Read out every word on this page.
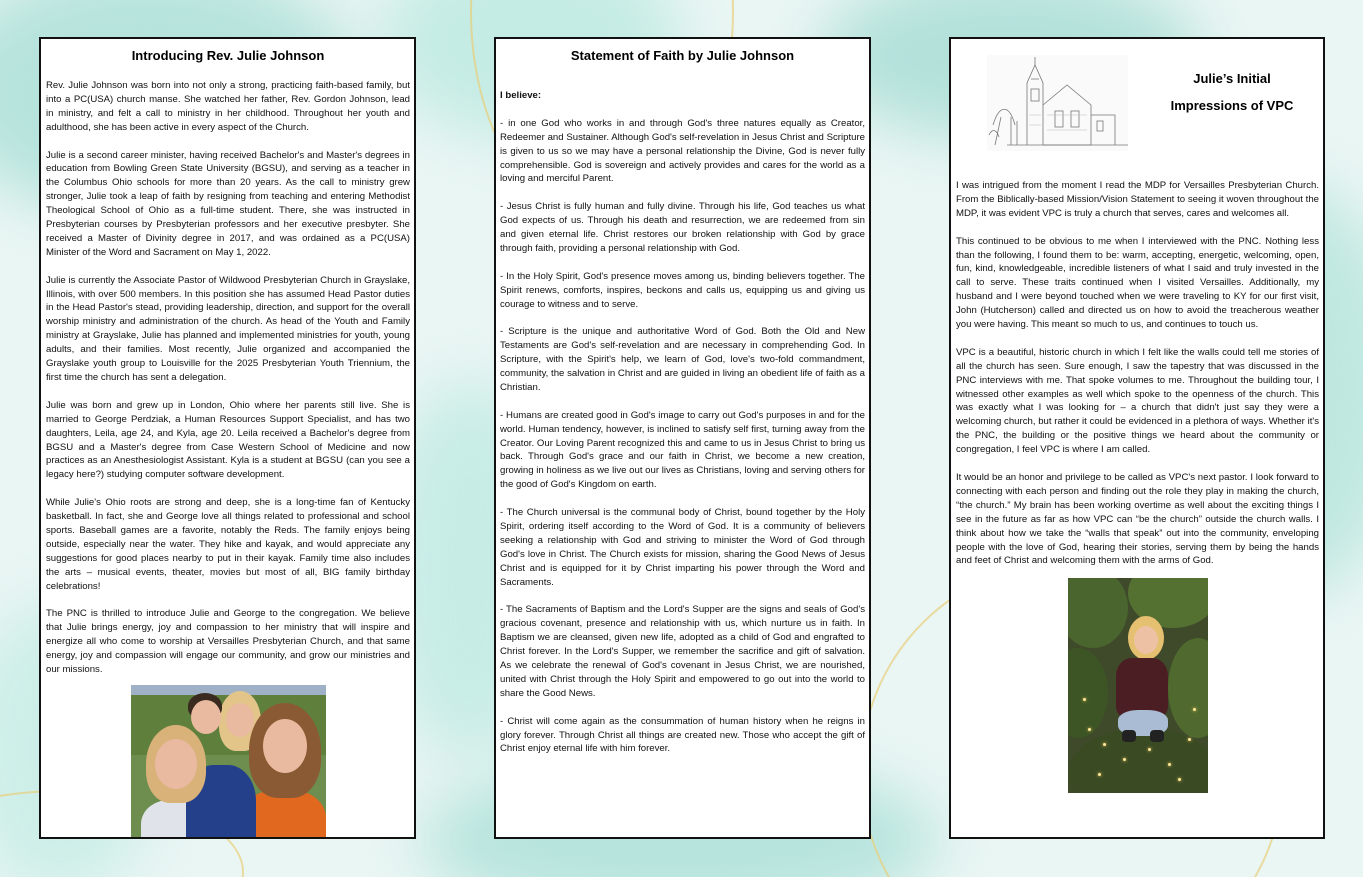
Introducing Rev. Julie Johnson

Rev. Julie Johnson was born into not only a strong, practicing faith-based family, but into a PC(USA) church manse. She watched her father, Rev. Gordon Johnson, lead in ministry, and felt a call to ministry in her childhood. Throughout her youth and adulthood, she has been active in every aspect of the Church.

Julie is a second career minister, having received Bachelor's and Master's degrees in education from Bowling Green State University (BGSU), and serving as a teacher in the Columbus Ohio schools for more than 20 years. As the call to ministry grew stronger, Julie took a leap of faith by resigning from teaching and entering Methodist Theological School of Ohio as a full-time student. There, she was instructed in Presbyterian courses by Presbyterian professors and her executive presbyter. She received a Master of Divinity degree in 2017, and was ordained as a PC(USA) Minister of the Word and Sacrament on May 1, 2022.

Julie is currently the Associate Pastor of Wildwood Presbyterian Church in Grayslake, Illinois, with over 500 members. In this position she has assumed Head Pastor duties in the Head Pastor's stead, providing leadership, direction, and support for the overall worship ministry and administration of the church. As head of the Youth and Family ministry at Grayslake, Julie has planned and implemented ministries for youth, young adults, and their families. Most recently, Julie organized and accompanied the Grayslake youth group to Louisville for the 2025 Presbyterian Youth Triennium, the first time the church has sent a delegation.

Julie was born and grew up in London, Ohio where her parents still live. She is married to George Perdziak, a Human Resources Support Specialist, and has two daughters, Leila, age 24, and Kyla, age 20. Leila received a Bachelor's degree from BGSU and a Master's degree from Case Western School of Medicine and now practices as an Anesthesiologist Assistant. Kyla is a student at BGSU (can you see a legacy here?) studying computer software development.

While Julie's Ohio roots are strong and deep, she is a long-time fan of Kentucky basketball. In fact, she and George love all things related to professional and school sports. Baseball games are a favorite, notably the Reds. The family enjoys being outside, especially near the water. They hike and kayak, and would appreciate any suggestions for good places nearby to put in their kayak. Family time also includes the arts – musical events, theater, movies but most of all, BIG family birthday celebrations!

The PNC is thrilled to introduce Julie and George to the congregation. We believe that Julie brings energy, joy and compassion to her ministry that will inspire and energize all who come to worship at Versailles Presbyterian Church, and that same energy, joy and compassion will engage our community, and grow our ministries and our missions.

Statement of Faith by Julie Johnson

I believe:

- in one God who works in and through God's three natures equally as Creator, Redeemer and Sustainer. Although God's self-revelation in Jesus Christ and Scripture is given to us so we may have a personal relationship the Divine, God is never fully comprehensible. God is sovereign and actively provides and cares for the world as a loving and merciful Parent.

- Jesus Christ is fully human and fully divine. Through his life, God teaches us what God expects of us. Through his death and resurrection, we are redeemed from sin and given eternal life. Christ restores our broken relationship with God by grace through faith, providing a personal relationship with God.

- In the Holy Spirit, God's presence moves among us, binding believers together. The Spirit renews, comforts, inspires, beckons and calls us, equipping us and giving us courage to witness and to serve.

- Scripture is the unique and authoritative Word of God. Both the Old and New Testaments are God's self-revelation and are necessary in comprehending God. In Scripture, with the Spirit's help, we learn of God, love's two-fold commandment, community, the salvation in Christ and are guided in living an obedient life of faith as a Christian.

- Humans are created good in God's image to carry out God's purposes in and for the world. Human tendency, however, is inclined to satisfy self first, turning away from the Creator. Our Loving Parent recognized this and came to us in Jesus Christ to bring us back. Through God's grace and our faith in Christ, we become a new creation, growing in holiness as we live out our lives as Christians, loving and serving others for the good of God's Kingdom on earth.

- The Church universal is the communal body of Christ, bound together by the Holy Spirit, ordering itself according to the Word of God. It is a community of believers seeking a relationship with God and striving to minister the Word of God through God's love in Christ. The Church exists for mission, sharing the Good News of Jesus Christ and is equipped for it by Christ imparting his power through the Word and Sacraments.

- The Sacraments of Baptism and the Lord's Supper are the signs and seals of God's gracious covenant, presence and relationship with us, which nurture us in faith. In Baptism we are cleansed, given new life, adopted as a child of God and engrafted to Christ forever. In the Lord's Supper, we remember the sacrifice and gift of salvation. As we celebrate the renewal of God's covenant in Jesus Christ, we are nourished, united with Christ through the Holy Spirit and empowered to go out into the world to share the Good News.

- Christ will come again as the consummation of human history when he reigns in glory forever. Through Christ all things are created new. Those who accept the gift of Christ enjoy eternal life with him forever.

Julie’s Initial
Impressions of VPC

I was intrigued from the moment I read the MDP for Versailles Presbyterian Church. From the Biblically-based Mission/Vision Statement to seeing it woven throughout the MDP, it was evident VPC is truly a church that serves, cares and welcomes all.

This continued to be obvious to me when I interviewed with the PNC. Nothing less than the following, I found them to be: warm, accepting, energetic, welcoming, open, fun, kind, knowledgeable, incredible listeners of what I said and truly invested in the call to serve. These traits continued when I visited Versailles. Additionally, my husband and I were beyond touched when we were traveling to KY for our first visit, John (Hutcherson) called and directed us on how to avoid the treacherous weather you were having. This meant so much to us, and continues to touch us.

VPC is a beautiful, historic church in which I felt like the walls could tell me stories of all the church has seen. Sure enough, I saw the tapestry that was discussed in the PNC interviews with me. That spoke volumes to me. Throughout the building tour, I witnessed other examples as well which spoke to the openness of the church. This was exactly what I was looking for – a church that didn't just say they were a welcoming church, but rather it could be evidenced in a plethora of ways. Whether it's the PNC, the building or the positive things we heard about the community or congregation, I feel VPC is where I am called.

It would be an honor and privilege to be called as VPC's next pastor. I look forward to connecting with each person and finding out the role they play in making the church, “the church.” My brain has been working overtime as well about the exciting things I see in the future as far as how VPC can “be the church” outside the church walls. I think about how we take the “walls that speak” out into the community, enveloping people with the love of God, hearing their stories, serving them by being the hands and feet of Christ and welcoming them with the arms of God.
